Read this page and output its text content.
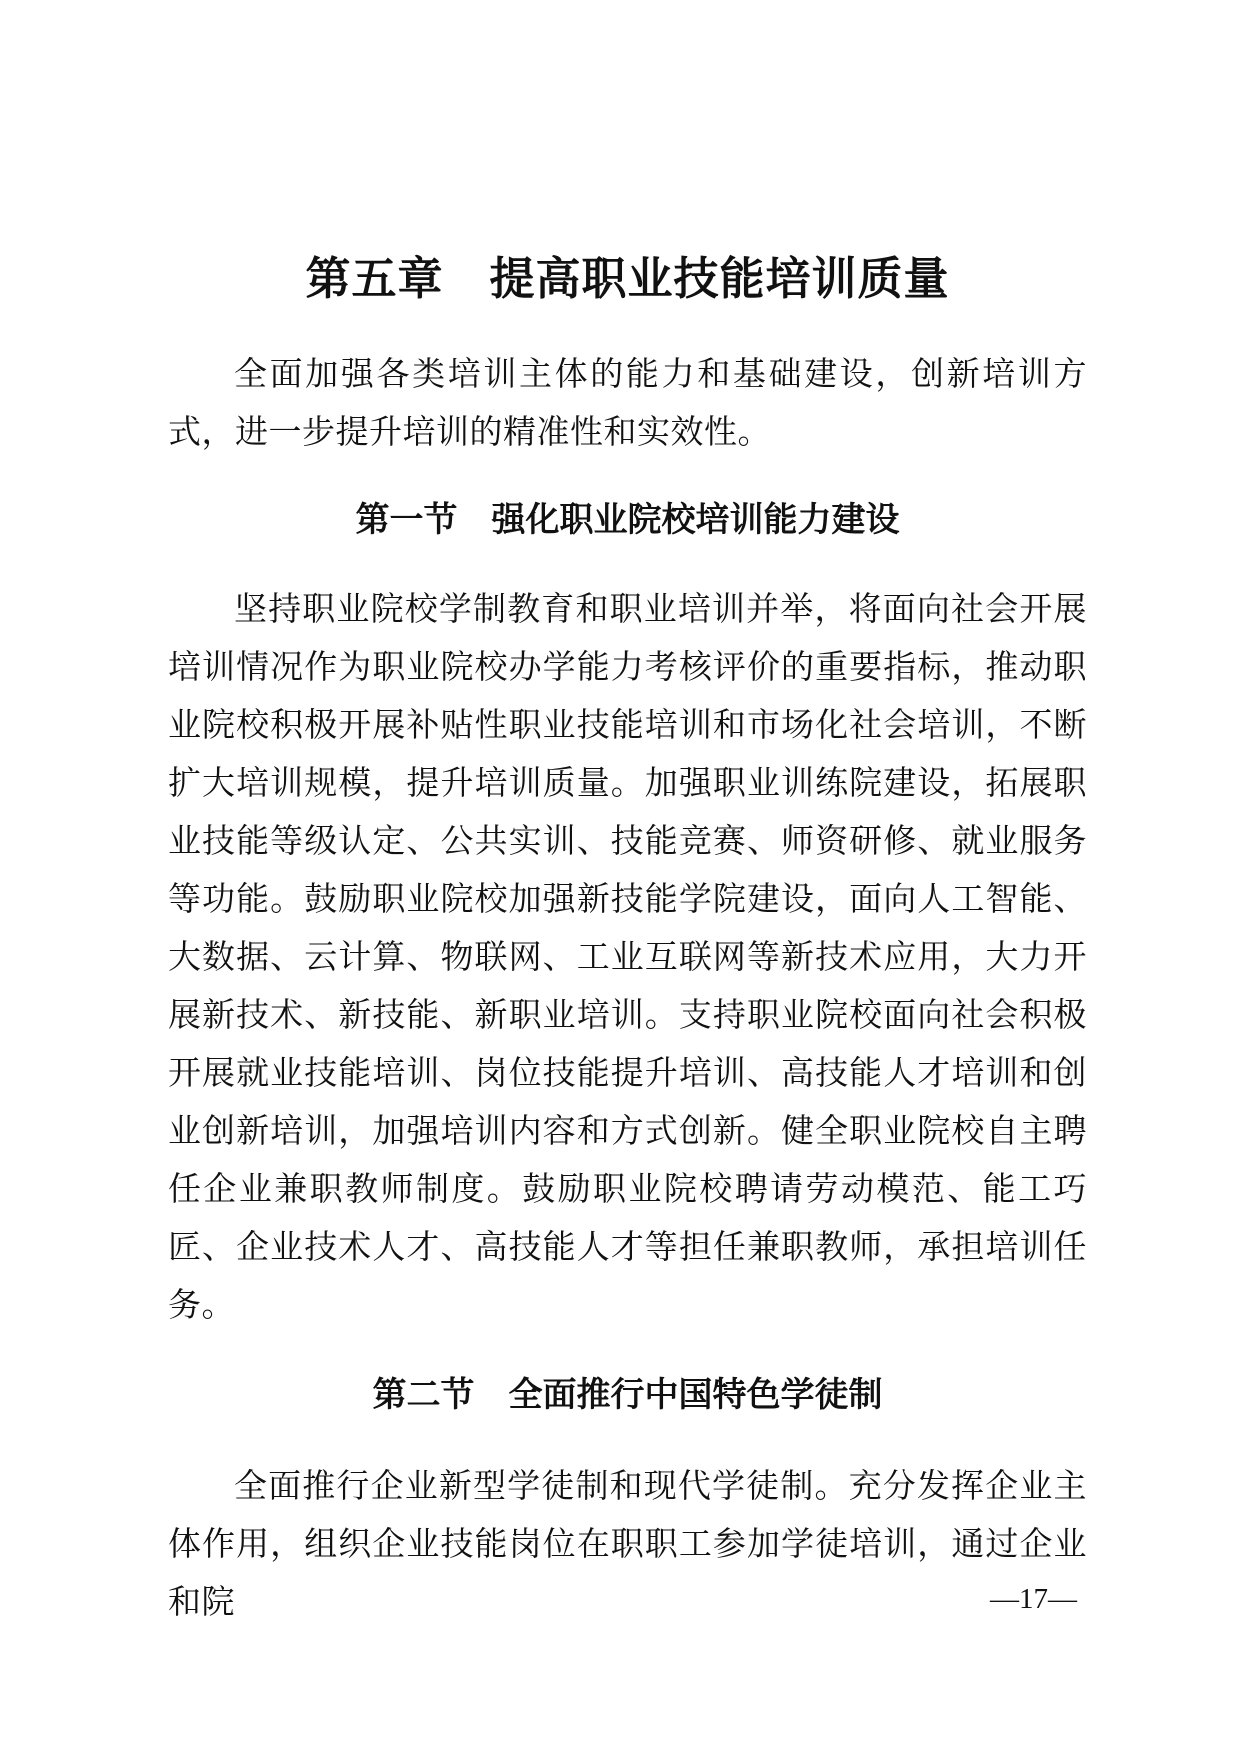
第五章　提高职业技能培训质量

全面加强各类培训主体的能力和基础建设，创新培训方式，进一步提升培训的精准性和实效性。

第一节　强化职业院校培训能力建设

坚持职业院校学制教育和职业培训并举，将面向社会开展培训情况作为职业院校办学能力考核评价的重要指标，推动职业院校积极开展补贴性职业技能培训和市场化社会培训，不断扩大培训规模，提升培训质量。加强职业训练院建设，拓展职业技能等级认定、公共实训、技能竞赛、师资研修、就业服务等功能。鼓励职业院校加强新技能学院建设，面向人工智能、大数据、云计算、物联网、工业互联网等新技术应用，大力开展新技术、新技能、新职业培训。支持职业院校面向社会积极开展就业技能培训、岗位技能提升培训、高技能人才培训和创业创新培训，加强培训内容和方式创新。健全职业院校自主聘任企业兼职教师制度。鼓励职业院校聘请劳动模范、能工巧匠、企业技术人才、高技能人才等担任兼职教师，承担培训任务。

第二节　全面推行中国特色学徒制

全面推行企业新型学徒制和现代学徒制。充分发挥企业主体作用，组织企业技能岗位在职职工参加学徒培训，通过企业和院	—17—
